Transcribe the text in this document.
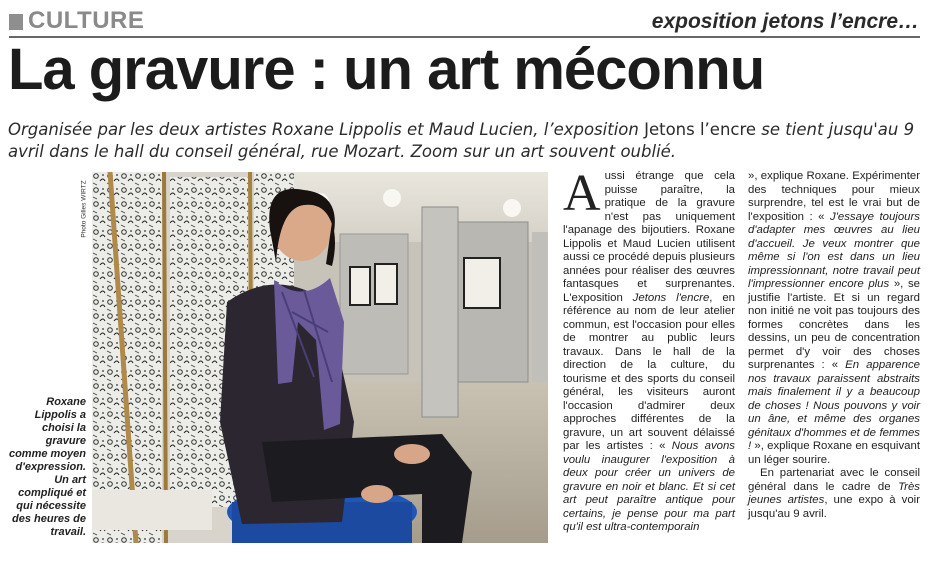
CULTURE	exposition jetons l’encre…
La gravure : un art méconnu
Organisée par les deux artistes Roxane Lippolis et Maud Lucien, l’exposition Jetons l’encre se tient jusqu'au 9 avril dans le hall du conseil général, rue Mozart. Zoom sur un art souvent oublié.
Photo Gilles WIRTZ
Roxane Lippolis a choisi la gravure comme moyen d'expression. Un art compliqué et qui nécessite des heures de travail.
A ussi étrange que cela puisse paraître, la pratique de la gravure n'est pas uniquement l'apanage des bijoutiers. Roxane Lippolis et Maud Lucien utilisent aussi ce procédé depuis plusieurs années pour réaliser des œuvres fantasques et surprenantes. L'exposition Jetons l'encre, en référence au nom de leur atelier commun, est l'occasion pour elles de montrer au public leurs travaux. Dans le hall de la direction de la culture, du tourisme et des sports du conseil général, les visiteurs auront l'occasion d'admirer deux approches différentes de la gravure, un art souvent délaissé par les artistes : « Nous avons voulu inaugurer l'exposition à deux pour créer un univers de gravure en noir et blanc. Et si cet art peut paraître antique pour certains, je pense pour ma part qu'il est ultra-contemporain

», explique Roxane. Expérimenter des techniques pour mieux surprendre, tel est le vrai but de l'exposition : « J'essaye toujours d'adapter mes œuvres au lieu d'accueil. Je veux montrer que même si l'on est dans un lieu impressionnant, notre travail peut l'impressionner encore plus », se justifie l'artiste. Et si un regard non initié ne voit pas toujours des formes concrètes dans les dessins, un peu de concentration permet d'y voir des choses surprenantes : « En apparence nos travaux paraissent abstraits mais finalement il y a beaucoup de choses ! Nous pouvons y voir un âne, et même des organes génitaux d'hommes et de femmes ! », explique Roxane en esquivant un léger sourire.

En partenariat avec le conseil général dans le cadre de Très jeunes artistes, une expo à voir jusqu'au 9 avril.
